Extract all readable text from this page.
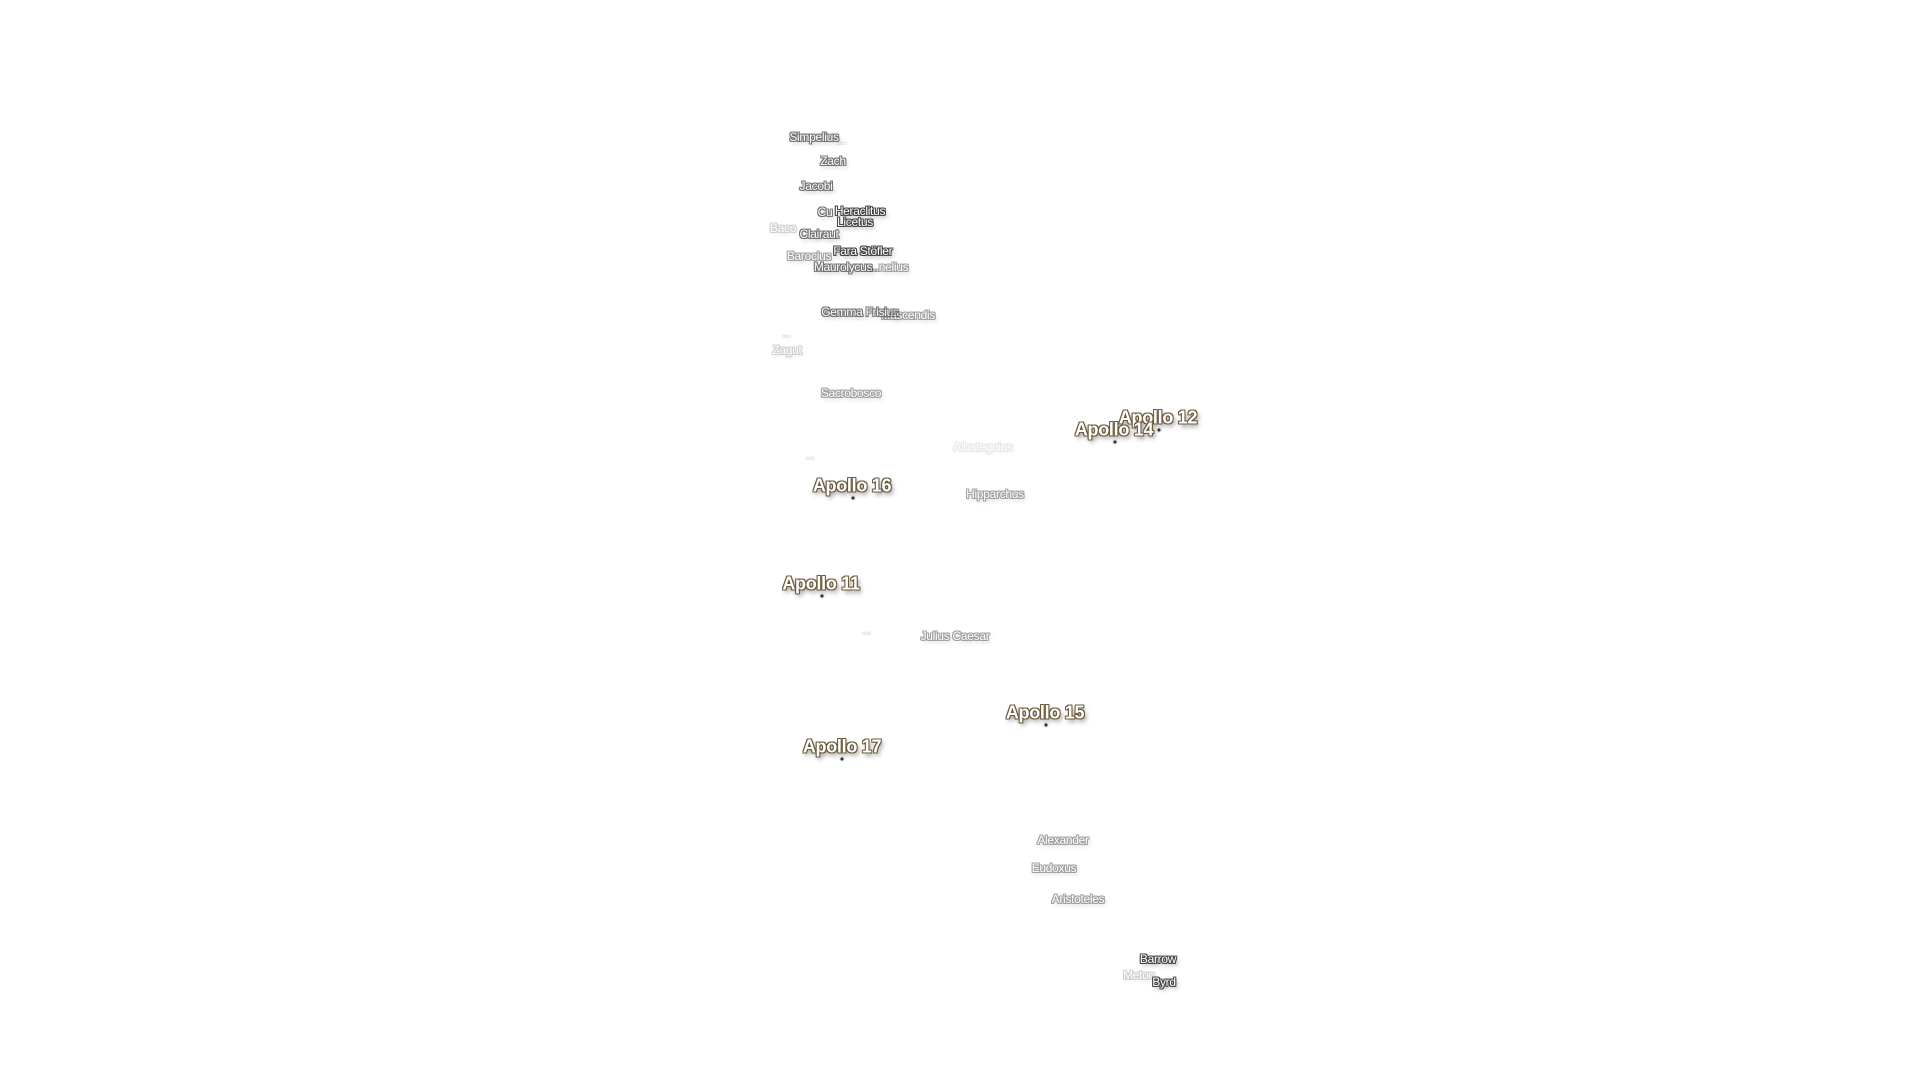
Simpelius
...
Zach
Jacobi
Cu Heraclitus
Licetus
Baco Clairaut
Fara Stöfler
Barocius
Maurolycus
...nelius
Gemma Frisius
...ascendis
...
Zagut
Sacrobosco
Albategnius
...
Hipparchus
...	Julius Caesar
Alexander
Eudoxus
Aristoteles
Barrow
Meton
Byrd
Apollo 12
Apollo 14
Apollo 16
Apollo 11
Apollo 15
Apollo 17
